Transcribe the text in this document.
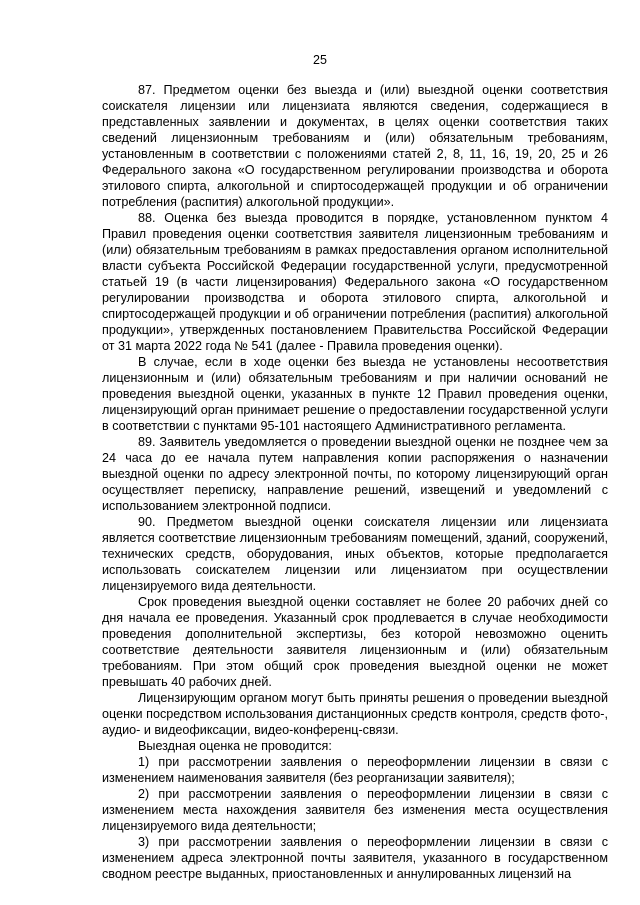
25

87. Предметом оценки без выезда и (или) выездной оценки соответствия соискателя лицензии или лицензиата являются сведения, содержащиеся в представленных заявлении и документах, в целях оценки соответствия таких сведений лицензионным требованиям и (или) обязательным требованиям, установленным в соответствии с положениями статей 2, 8, 11, 16, 19, 20, 25 и 26 Федерального закона «О государственном регулировании производства и оборота этилового спирта, алкогольной и спиртосодержащей продукции и об ограничении потребления (распития) алкогольной продукции».

88. Оценка без выезда проводится в порядке, установленном пунктом 4 Правил проведения оценки соответствия заявителя лицензионным требованиям и (или) обязательным требованиям в рамках предоставления органом исполнительной власти субъекта Российской Федерации государственной услуги, предусмотренной статьей 19 (в части лицензирования) Федерального закона «О государственном регулировании производства и оборота этилового спирта, алкогольной и спиртосодержащей продукции и об ограничении потребления (распития) алкогольной продукции», утвержденных постановлением Правительства Российской Федерации от 31 марта 2022 года № 541 (далее - Правила проведения оценки).

В случае, если в ходе оценки без выезда не установлены несоответствия лицензионным и (или) обязательным требованиям и при наличии оснований не проведения выездной оценки, указанных в пункте 12 Правил проведения оценки, лицензирующий орган принимает решение о предоставлении государственной услуги в соответствии с пунктами 95-101 настоящего Административного регламента.

89. Заявитель уведомляется о проведении выездной оценки не позднее чем за 24 часа до ее начала путем направления копии распоряжения о назначении выездной оценки по адресу электронной почты, по которому лицензирующий орган осуществляет переписку, направление решений, извещений и уведомлений с использованием электронной подписи.

90. Предметом выездной оценки соискателя лицензии или лицензиата является соответствие лицензионным требованиям помещений, зданий, сооружений, технических средств, оборудования, иных объектов, которые предполагается использовать соискателем лицензии или лицензиатом при осуществлении лицензируемого вида деятельности.

Срок проведения выездной оценки составляет не более 20 рабочих дней со дня начала ее проведения. Указанный срок продлевается в случае необходимости проведения дополнительной экспертизы, без которой невозможно оценить соответствие деятельности заявителя лицензионным и (или) обязательным требованиям. При этом общий срок проведения выездной оценки не может превышать 40 рабочих дней.

Лицензирующим органом могут быть приняты решения о проведении выездной оценки посредством использования дистанционных средств контроля, средств фото-, аудио- и видеофиксации, видео-конференц-связи.

Выездная оценка не проводится:

1) при рассмотрении заявления о переоформлении лицензии в связи с изменением наименования заявителя (без реорганизации заявителя);

2) при рассмотрении заявления о переоформлении лицензии в связи с изменением места нахождения заявителя без изменения места осуществления лицензируемого вида деятельности;

3) при рассмотрении заявления о переоформлении лицензии в связи с изменением адреса электронной почты заявителя, указанного в государственном сводном реестре выданных, приостановленных и аннулированных лицензий на
